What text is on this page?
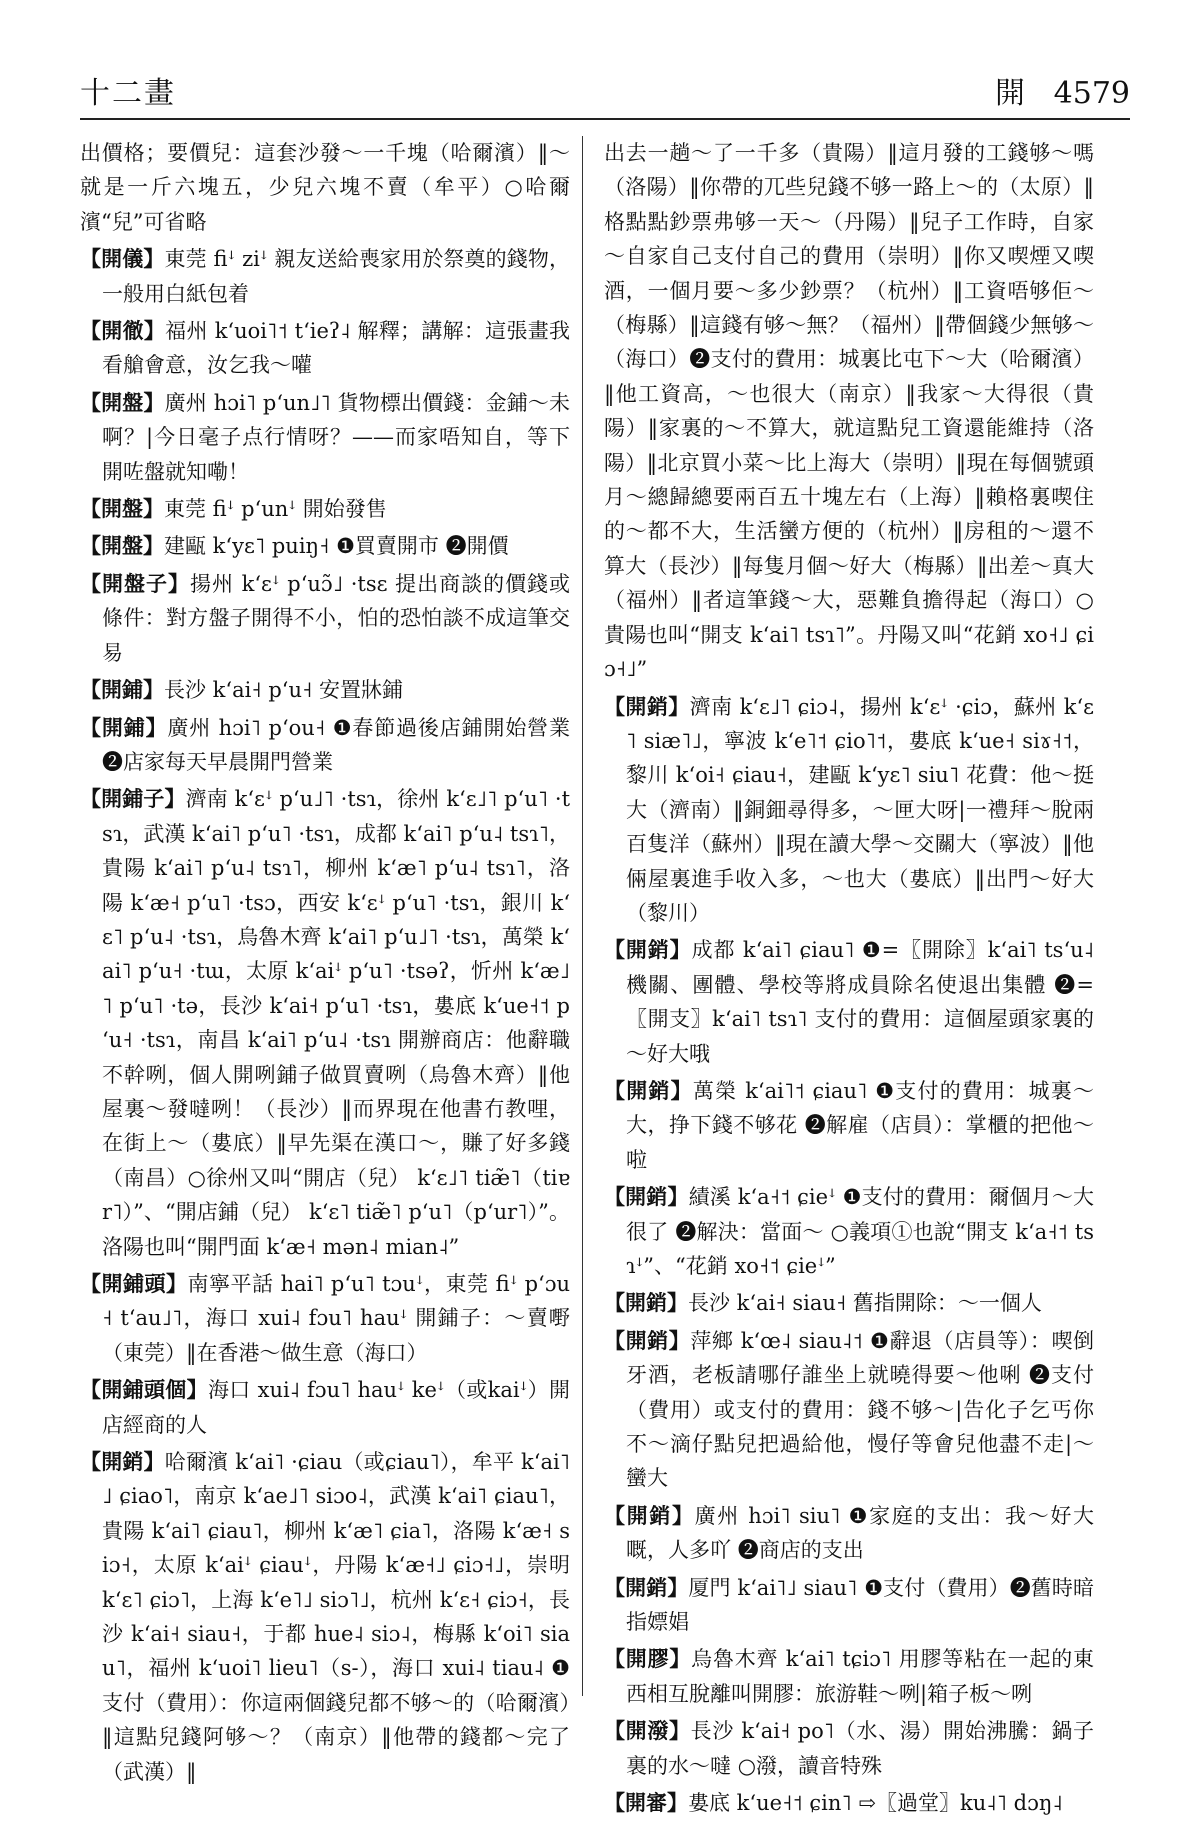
十二畫	開 4579

出價格；要價兒：這套沙發～一千塊（哈爾濱）‖～就是一斤六塊五，少兒六塊不賣（牟平）○哈爾濱“兒”可省略

【 開儀 】 東莞 fiꜜ ziꜜ 親友送給喪家用於祭奠的錢物，一般用白紙包着

【 開徹 】 福州 kʻuoi˥˦ tʻieʔ˨ 解釋；講解：這張畫我看艙會意，汝乞我～嚾

【 開盤 】 廣州 hɔi˥ pʻun˩˥ 貨物標出價錢：金鋪～未啊？|今日毫子点行情呀？——而家唔知自，等下開咗盤就知嘞！

【 開盤 】 東莞 fiꜜ pʻunꜜ 開始發售

【 開盤 】 建甌 kʻyɛ˥ puiŋ˧ ❶買賣開市 ❷開價

【 開盤子 】 揚州 kʻɛꜜ pʻuɔ̃˩ ·tsɛ 提出商談的價錢或條件：對方盤子開得不小，怕的恐怕談不成這筆交易

【 開鋪 】 長沙 kʻai˧ pʻu˧ 安置牀鋪

【 開鋪 】 廣州 hɔi˥ pʻou˧ ❶春節過後店鋪開始營業 ❷店家每天早晨開門營業

【 開鋪子 】 濟南 kʻɛꜜ pʻu˩˥ ·tsɿ，徐州 kʻɛ˩˥ pʻu˥ ·tsɿ，武漢 kʻai˥ pʻu˥ ·tsɿ，成都 kʻai˥ pʻu˨ tsɿ˥，貴陽 kʻai˥ pʻu˨ tsɿ˥，柳州 kʻæ˥ pʻu˨ tsɿ˥，洛陽 kʻæ˧ pʻu˥ ·tsɔ，西安 kʻɛꜜ pʻu˥ ·tsɿ，銀川 kʻɛ˥ pʻu˨ ·tsɿ，烏魯木齊 kʻai˥ pʻu˩˥ ·tsɿ，萬榮 kʻai˥ pʻu˧ ·tɯ，太原 kʻaiꜜ pʻu˥ ·tsəʔ，忻州 kʻæ˩˥ pʻu˥ ·tə，長沙 kʻai˧ pʻu˥ ·tsɿ，婁底 kʻue˧˦ pʻu˧ ·tsɿ，南昌 kʻai˥ pʻu˨ ·tsɿ 開辦商店：他辭職不幹咧，個人開咧鋪子做買賣咧（烏魯木齊）‖他屋裏～發噠咧！（長沙）‖而界現在他書冇教哩，在街上～（婁底）‖早先渠在漢口～，賺了好多錢（南昌）○徐州又叫“開店（兒） kʻɛ˩˥ tiæ̃˥（tiɐr˥）”、“開店鋪（兒） kʻɛ˥ tiæ̃˥ pʻu˥（pʻur˥）”。洛陽也叫“開門面 kʻæ˧ mən˨ mian˨”

【 開鋪頭 】 南寧平話 hai˥ pʻu˥ tɔuꜜ，東莞 fiꜜ pʻɔu˧ tʻau˩˥，海口 xui˨ fɔu˥ hauꜜ 開鋪子：～賣嘢（東莞）‖在香港～做生意（海口）

【 開鋪頭個 】 海口 xui˨ fɔu˥ hauꜜ keꜜ（或kaiꜜ）開店經商的人

【 開銷 】 哈爾濱 kʻai˥ ·ɕiau（或ɕiau˥），牟平 kʻai˥˩ ɕiao˥，南京 kʻae˩˥ siɔo˨，武漢 kʻai˥ ɕiau˥，貴陽 kʻai˥ ɕiau˥，柳州 kʻæ˥ ɕia˥，洛陽 kʻæ˧ siɔ˧，太原 kʻaiꜜ ɕiauꜜ，丹陽 kʻæ˧˩ ɕiɔ˧˩，崇明 kʻɛ˥ ɕiɔ˥，上海 kʻe˥˩ siɔ˥˩，杭州 kʻɛ˧ ɕiɔ˧，長沙 kʻai˧ siau˧，于都 hue˨ siɔ˨，梅縣 kʻoi˥ siau˥，福州 kʻuoi˥ lieu˥（s-），海口 xui˨ tiau˨ ❶支付（費用）：你這兩個錢兒都不够～的（哈爾濱）‖這點兒錢阿够～？（南京）‖他帶的錢都～完了（武漢）‖

出去一趟～了一千多（貴陽）‖這月發的工錢够～嗎（洛陽）‖你帶的兀些兒錢不够一路上～的（太原）‖格點點鈔票弗够一天～（丹陽）‖兒子工作時，自家～自家自己支付自己的費用（崇明）‖你又喫煙又喫酒，一個月要～多少鈔票？（杭州）‖工資唔够佢～（梅縣）‖這錢有够～無？（福州）‖帶個錢少無够～（海口）❷支付的費用：城裏比屯下～大（哈爾濱）‖他工資高，～也很大（南京）‖我家～大得很（貴陽）‖家裏的～不算大，就這點兒工資還能維持（洛陽）‖北京買小菜～比上海大（崇明）‖現在每個號頭月～總歸總要兩百五十塊左右（上海）‖賴格裏喫住的～都不大，生活蠻方便的（杭州）‖房租的～還不算大（長沙）‖每隻月個～好大（梅縣）‖出差～真大（福州）‖者這筆錢～大，惡難負擔得起（海口）○貴陽也叫“開支 kʻai˥ tsɿ˥”。丹陽又叫“花銷 xo˧˩ ɕiɔ˧˩”

【 開銷 】 濟南 kʻɛ˩˥ ɕiɔ˨，揚州 kʻɛꜜ ·ɕiɔ，蘇州 kʻɛ˥ siæ˥˩，寧波 kʻe˥˦ ɕio˥˦，婁底 kʻue˧ siɤ˧˦，黎川 kʻoi˧ ɕiau˧，建甌 kʻyɛ˥ siu˥ 花費：他～挺大（濟南）‖銅鈿尋得多，～匣大呀|一禮拜～脫兩百隻洋（蘇州）‖現在讀大學～交關大（寧波）‖他倆屋裏進手收入多，～也大（婁底）‖出門～好大（黎川）

【 開銷 】 成都 kʻai˥ ɕiau˥ ❶=〖開除〗kʻai˥ tsʻu˨ 機關、團體、學校等將成員除名使退出集體 ❷=〖開支〗kʻai˥ tsɿ˥ 支付的費用：這個屋頭家裏的～好大哦

【 開銷 】 萬榮 kʻai˥˦ ɕiau˥ ❶支付的費用：城裏～大，挣下錢不够花 ❷解雇（店員）：掌櫃的把他～啦

【 開銷 】 績溪 kʻa˧˦ ɕieꜜ ❶支付的費用：爾個月～大很了 ❷解決：當面～ ○義項①也說“開支 kʻa˧˦ tsɿꜜ”、“花銷 xo˧˦ ɕieꜜ”

【 開銷 】 長沙 kʻai˧ siau˧ 舊指開除：～一個人

【 開銷 】 萍鄉 kʻœ˨ siau˨˦ ❶辭退（店員等）：喫倒牙酒，老板請哪仔誰坐上就曉得要～他唎 ❷支付（費用）或支付的費用：錢不够～|告化子乞丐你不～滴仔點兒把過給他，慢仔等會兒他盡不走|～蠻大

【 開銷 】 廣州 hɔi˥ siu˥ ❶家庭的支出：我～好大嘅，人多吖 ❷商店的支出

【 開銷 】 厦門 kʻai˥˩ siau˥ ❶支付（費用）❷舊時暗指嫖娼

【 開膠 】 烏魯木齊 kʻai˥ tɕiɔ˥ 用膠等粘在一起的東西相互脫離叫開膠：旅游鞋～咧|箱子板～咧

【 開潑 】 長沙 kʻai˧ po˥（水、湯）開始沸騰：鍋子裏的水～噠 ○潑，讀音特殊

【 開審 】 婁底 kʻue˧˦ ɕin˥ ⇨〖過堂〗ku˨˥ dɔŋ˨
